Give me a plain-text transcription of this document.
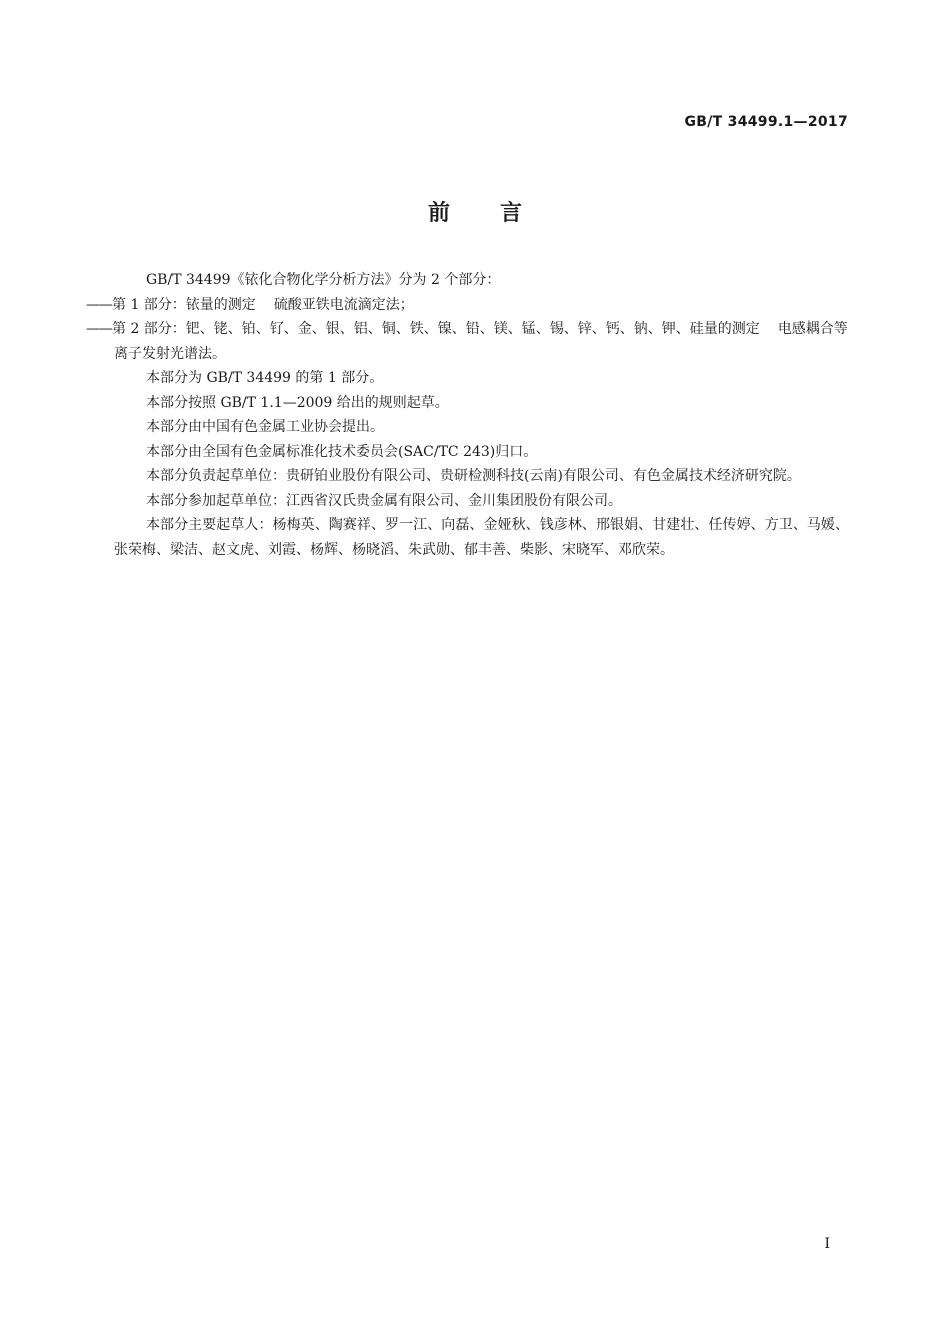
GB/T 34499.1—2017
前言

GB/T 34499《铱化合物化学分析方法》分为 2 个部分：

——第 1 部分：铱量的测定 硫酸亚铁电流滴定法；

——第 2 部分：钯、铑、铂、钌、金、银、铝、铜、铁、镍、铅、镁、锰、锡、锌、钙、钠、钾、硅量的测定 电感耦合等离子发射光谱法。

本部分为 GB/T 34499 的第 1 部分。

本部分按照 GB/T 1.1—2009 给出的规则起草。

本部分由中国有色金属工业协会提出。

本部分由全国有色金属标准化技术委员会(SAC/TC 243)归口。

本部分负责起草单位：贵研铂业股份有限公司、贵研检测科技(云南)有限公司、有色金属技术经济研究院。

本部分参加起草单位：江西省汉氏贵金属有限公司、金川集团股份有限公司。

本部分主要起草人：杨梅英、陶赛祥、罗一江、向磊、金娅秋、钱彦林、邢银娟、甘建壮、任传婷、方卫、马媛、张荣梅、梁洁、赵文虎、刘霞、杨辉、杨晓滔、朱武勋、郁丰善、柴影、宋晓军、邓欣荣。

I
